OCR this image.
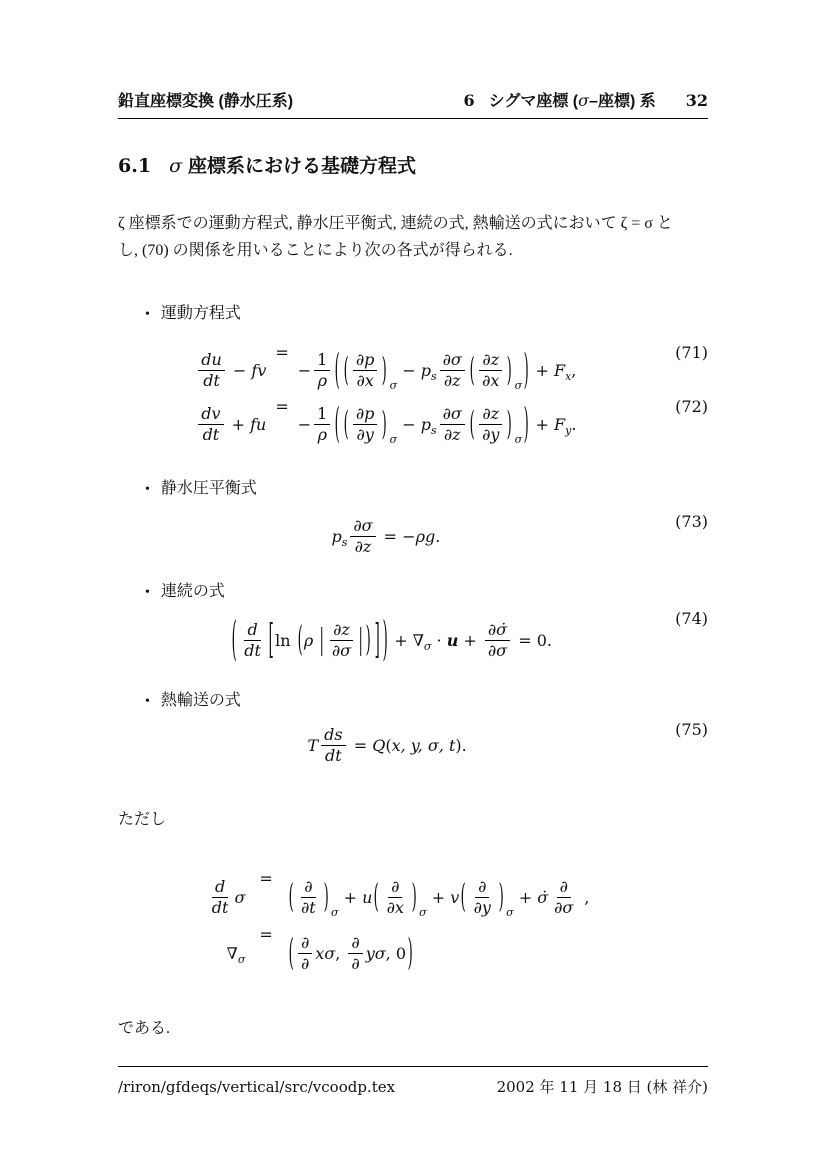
鉛直座標変換 (静水圧系)	6 シグマ座標 (σ–座標) 系 32
6.1 σ 座標系における基礎方程式
ζ 座標系での運動方程式, 静水圧平衡式, 連続の式, 熱輸送の式において ζ = σ と
し, (70) の関係を用いることにより次の各式が得られる.
• 運動方程式
du
dt
− fv
=
− $\frac{1}{\rho}$ ( ( ∂p
∂x ) σ
− p s
∂σ
∂z ( ∂z
∂x ) σ ) + F x ,
(71)
dv
dt
+ fu
=
− $\frac{1}{\rho}$ ( ( ∂p
∂y ) σ
− p s
∂σ
∂z ( ∂z
∂y ) σ ) + F y .
(72)
• 静水圧平衡式
p s $\frac{\partial\sigma}{\partial z}$ = − ρg .
(73)
• 連続の式
( d
dt [ ln ( ρ | ∂z
∂σ | ) ] ) + ∇ $\sigma \cdot u + \frac{\partial\sigmȧ}{\partial\sigma} = 0$.
(74)
• 熱輸送の式
T $\frac{ds}{dt} = Q$ ( x, y, σ, t ).
(75)
ただし
d
dt
σ
= ( ∂
∂t ) σ
+ u ( ∂
∂x ) σ
+ v ( ∂
∂y ) σ
+ σ̇
∂
∂σ
,
∇ σ
= ( ∂
∂
xσ ,
∂
∂
yσ , 0 )
である.
/riron/gfdeqs/vertical/src/vcoodp.tex	2002 年 11 月 18 日 (林 祥介)
